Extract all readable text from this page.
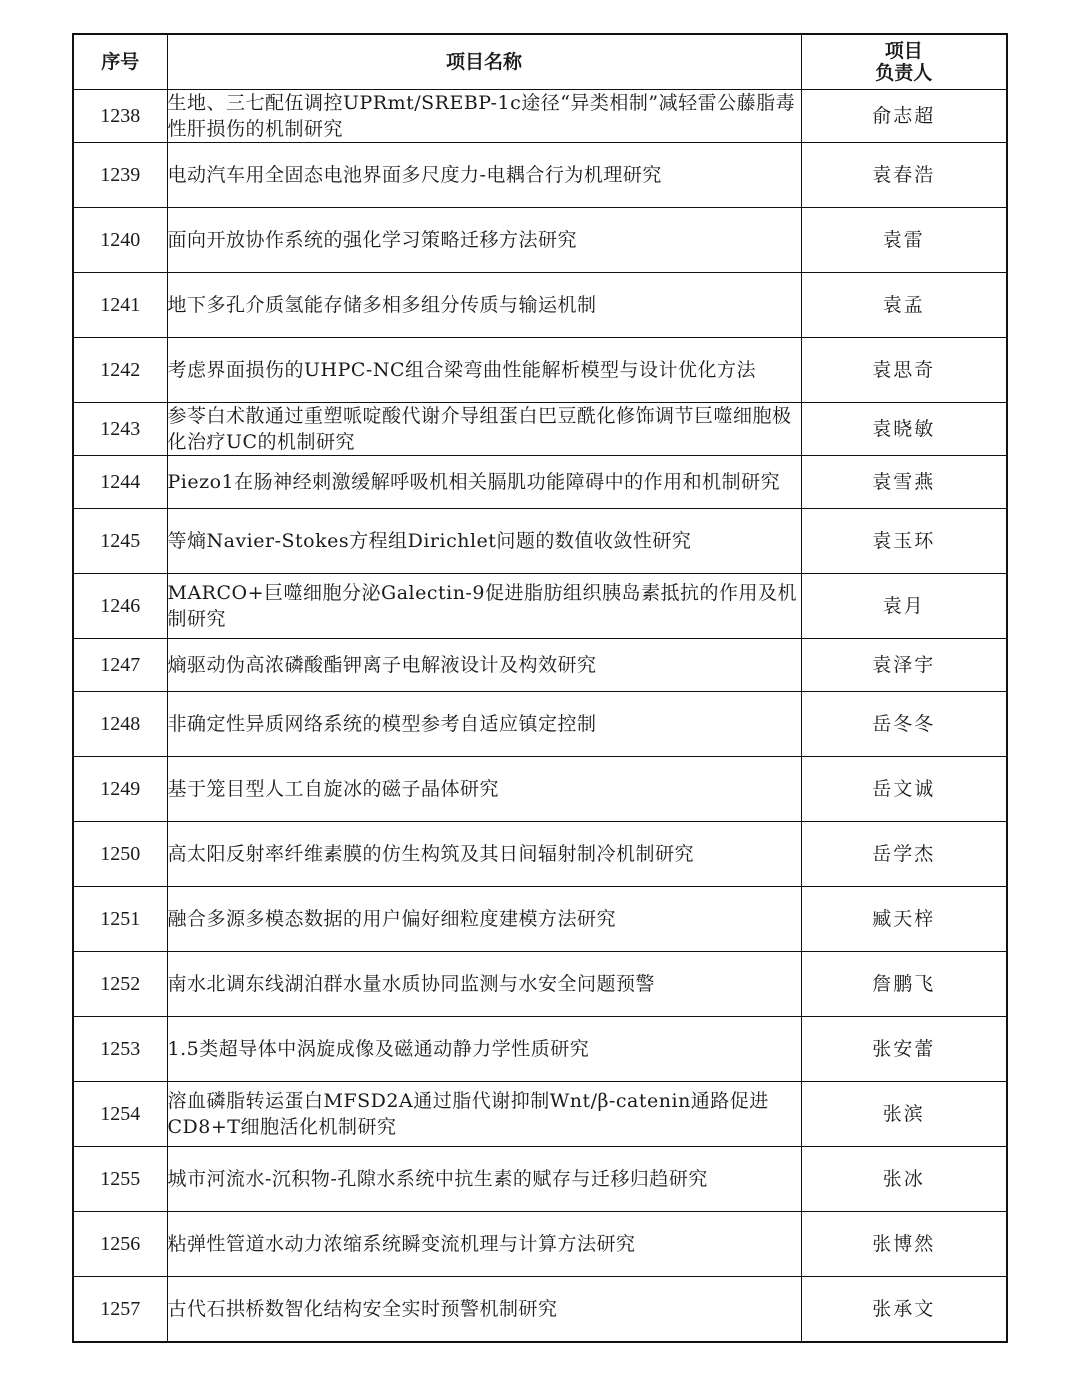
序号	项目名称	项目
负责人

1238	生地、三七配伍调控UPRmt/SREBP-1c途径“异类相制”减轻雷公藤脂毒性肝损伤的机制研究	俞志超
1239	电动汽车用全固态电池界面多尺度力-电耦合行为机理研究	袁春浩
1240	面向开放协作系统的强化学习策略迁移方法研究	袁雷
1241	地下多孔介质氢能存储多相多组分传质与输运机制	袁孟
1242	考虑界面损伤的UHPC-NC组合梁弯曲性能解析模型与设计优化方法	袁思奇
1243	参苓白术散通过重塑哌啶酸代谢介导组蛋白巴豆酰化修饰调节巨噬细胞极化治疗UC的机制研究	袁晓敏
1244	Piezo1在肠神经刺激缓解呼吸机相关膈肌功能障碍中的作用和机制研究	袁雪燕
1245	等熵Navier-Stokes方程组Dirichlet问题的数值收敛性研究	袁玉环
1246	MARCO+巨噬细胞分泌Galectin-9促进脂肪组织胰岛素抵抗的作用及机制研究	袁月
1247	熵驱动伪高浓磷酸酯钾离子电解液设计及构效研究	袁泽宇
1248	非确定性异质网络系统的模型参考自适应镇定控制	岳冬冬
1249	基于笼目型人工自旋冰的磁子晶体研究	岳文诚
1250	高太阳反射率纤维素膜的仿生构筑及其日间辐射制冷机制研究	岳学杰
1251	融合多源多模态数据的用户偏好细粒度建模方法研究	臧天梓
1252	南水北调东线湖泊群水量水质协同监测与水安全问题预警	詹鹏飞
1253	1.5类超导体中涡旋成像及磁通动静力学性质研究	张安蕾
1254	溶血磷脂转运蛋白MFSD2A通过脂代谢抑制Wnt/β-catenin通路促进CD8+T细胞活化机制研究	张滨
1255	城市河流水-沉积物-孔隙水系统中抗生素的赋存与迁移归趋研究	张冰
1256	粘弹性管道水动力浓缩系统瞬变流机理与计算方法研究	张博然
1257	古代石拱桥数智化结构安全实时预警机制研究	张承文
